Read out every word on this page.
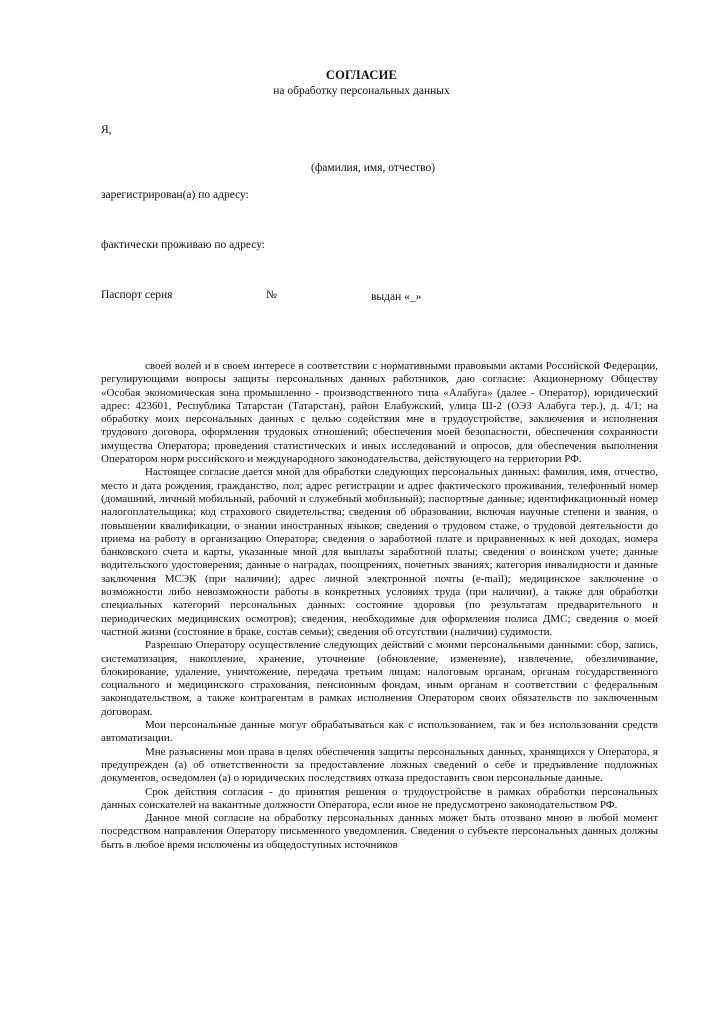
СОГЛАСИЕ
на обработку персональных данных
Я,
(фамилия, имя, отчество)
зарегистрирован(а) по адресу:
фактически проживаю по адресу:
Паспорт серия	№	выдан «_»

своей волей и в своем интересе в соответствии с нормативными правовыми актами Российской Федерации, регулирующими вопросы защиты персональных данных работников, даю согласие: Акционерному Обществу «Особая экономическая зона промышленно - производственного типа «Алабуга» (далее - Оператор), юридический адрес: 423601, Республика Татарстан (Татарстан), район Елабужский, улица Ш-2 (ОЭЗ Алабуга тер.), д. 4/1; на обработку моих персональных данных с целью содействия мне в трудоустройстве, заключения и исполнения трудового договора, оформления трудовых отношений; обеспечения моей безопасности, обеспечения сохранности имущества Оператора; проведения статистических и иных исследований и опросов, для обеспечения выполнения Оператором норм российского и международного законодательства, действующего на территории РФ.

Настоящее согласие дается мной для обработки следующих персональных данных: фамилия, имя, отчество, место и дата рождения, гражданство, пол; адрес регистрации и адрес фактического проживания, телефонный номер (домашний, личный мобильный, рабочий и служебный мобильный); паспортные данные; идентификационный номер налогоплательщика; код страхового свидетельства; сведения об образовании, включая научные степени и звания, о повышении квалификации, о знании иностранных языков; сведения о трудовом стаже, о трудовой деятельности до приема на работу в организацию Оператора; сведения о заработной плате и приравненных к ней доходах, номера банковского счета и карты, указанные мной для выплаты заработной платы; сведения о воинском учете; данные водительского удостоверения; данные о наградах, поощрениях, почетных званиях; категория инвалидности и данные заключения МСЭК (при наличии); адрес личной электронной почты (e-mail); медицинское заключение о возможности либо невозможности работы в конкретных условиях труда (при наличии), а также для обработки специальных категорий персональных данных: состояние здоровья (по результатам предварительного и периодических медицинских осмотров); сведения, необходимые для оформления полиса ДМС; сведения о моей частной жизни (состояние в браке, состав семьи); сведения об отсутствии (наличии) судимости.

Разрешаю Оператору осуществление следующих действий с моими персональными данными: сбор, запись, систематизация, накопление, хранение, уточнение (обновление, изменение), извлечение, обезличивание, блокирование, удаление, уничтожение, передача третьим лицам: налоговым органам, органам государственного социального и медицинского страхования, пенсионным фондам, иным органам в соответствии с федеральным законодательством, а также контрагентам в рамках исполнения Оператором своих обязательств по заключенным договорам.

Мои персональные данные могут обрабатываться как с использованием, так и без использования средств автоматизации.

Мне разъяснены мои права в целях обеспечения защиты персональных данных, хранящихся у Оператора, я предупрежден (а) об ответственности за предоставление ложных сведений о себе и предъявление подложных документов, осведомлен (а) о юридических последствиях отказа предоставить свои персональные данные.

Срок действия согласия - до принятия решения о трудоустройстве в рамках обработки персональных данных соискателей на вакантные должности Оператора, если иное не предусмотрено законодательством РФ.

Данное мной согласие на обработку персональных данных может быть отозвано мною в любой момент посредством направления Оператору письменного уведомления. Сведения о субъекте персональных данных должны быть в любое время исключены из общедоступных источников
